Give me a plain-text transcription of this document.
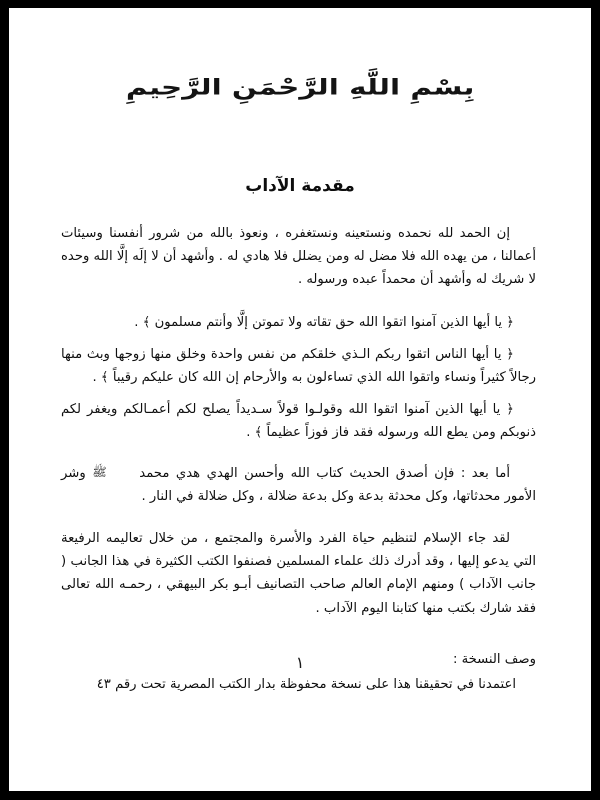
بِسْمِ اللَّهِ الرَّحْمَنِ الرَّحِيمِ
مقدمة الآداب

إن الحمد لله نحمده ونستعينه ونستغفره ، ونعوذ بالله من شرور أنفسنا وسيئات أعمالنا ، من يهده الله فلا مضل له ومن يضلل فلا هادي له . وأشهد أن لا إلَه إلَّا الله وحده لا شريك له وأشهد أن محمداً عبده ورسوله .

﴿ يا أيها الذين آمنوا اتقوا الله حق تقاته ولا تموتن إلَّا وأنتم مسلمون ﴾ .

﴿ يا أيها الناس اتقوا ربكم الـذي خلقكم من نفس واحدة وخلق منها زوجها وبث منها رجالاً كثيراً ونساء واتقوا الله الذي تساءلون به والأرحام إن الله كان عليكم رقيباً ﴾ .

﴿ يا أيها الذين آمنوا اتقوا الله وقولـوا قولاً سـديداً يصلح لكم أعمـالكم ويغفر لكم ذنوبكم ومن يطع الله ورسوله فقد فاز فوزاً عظيماً ﴾ .

أما بعد : فإن أصدق الحديث كتاب الله وأحسن الهدي هدي محمد ﷺ وشر الأمور محدثاتها، وكل محدثة بدعة وكل بدعة ضلالة ، وكل ضلالة في النار .

لقد جاء الإسلام لتنظيم حياة الفرد والأسرة والمجتمع ، من خلال تعاليمه الرفيعة التي يدعو إليها ، وقد أدرك ذلك علماء المسلمين فصنفوا الكتب الكثيرة في هذا الجانب ( جانب الآداب ) ومنهم الإمام العالم صاحب التصانيف أبـو بكر البيهقي ، رحمـه الله تعالى فقد شارك بكتب منها كتابنا اليوم الآداب .

وصف النسخة :

اعتمدنا في تحقيقنا هذا على نسخة محفوظة بدار الكتب المصرية تحت رقم ٤٣

١
